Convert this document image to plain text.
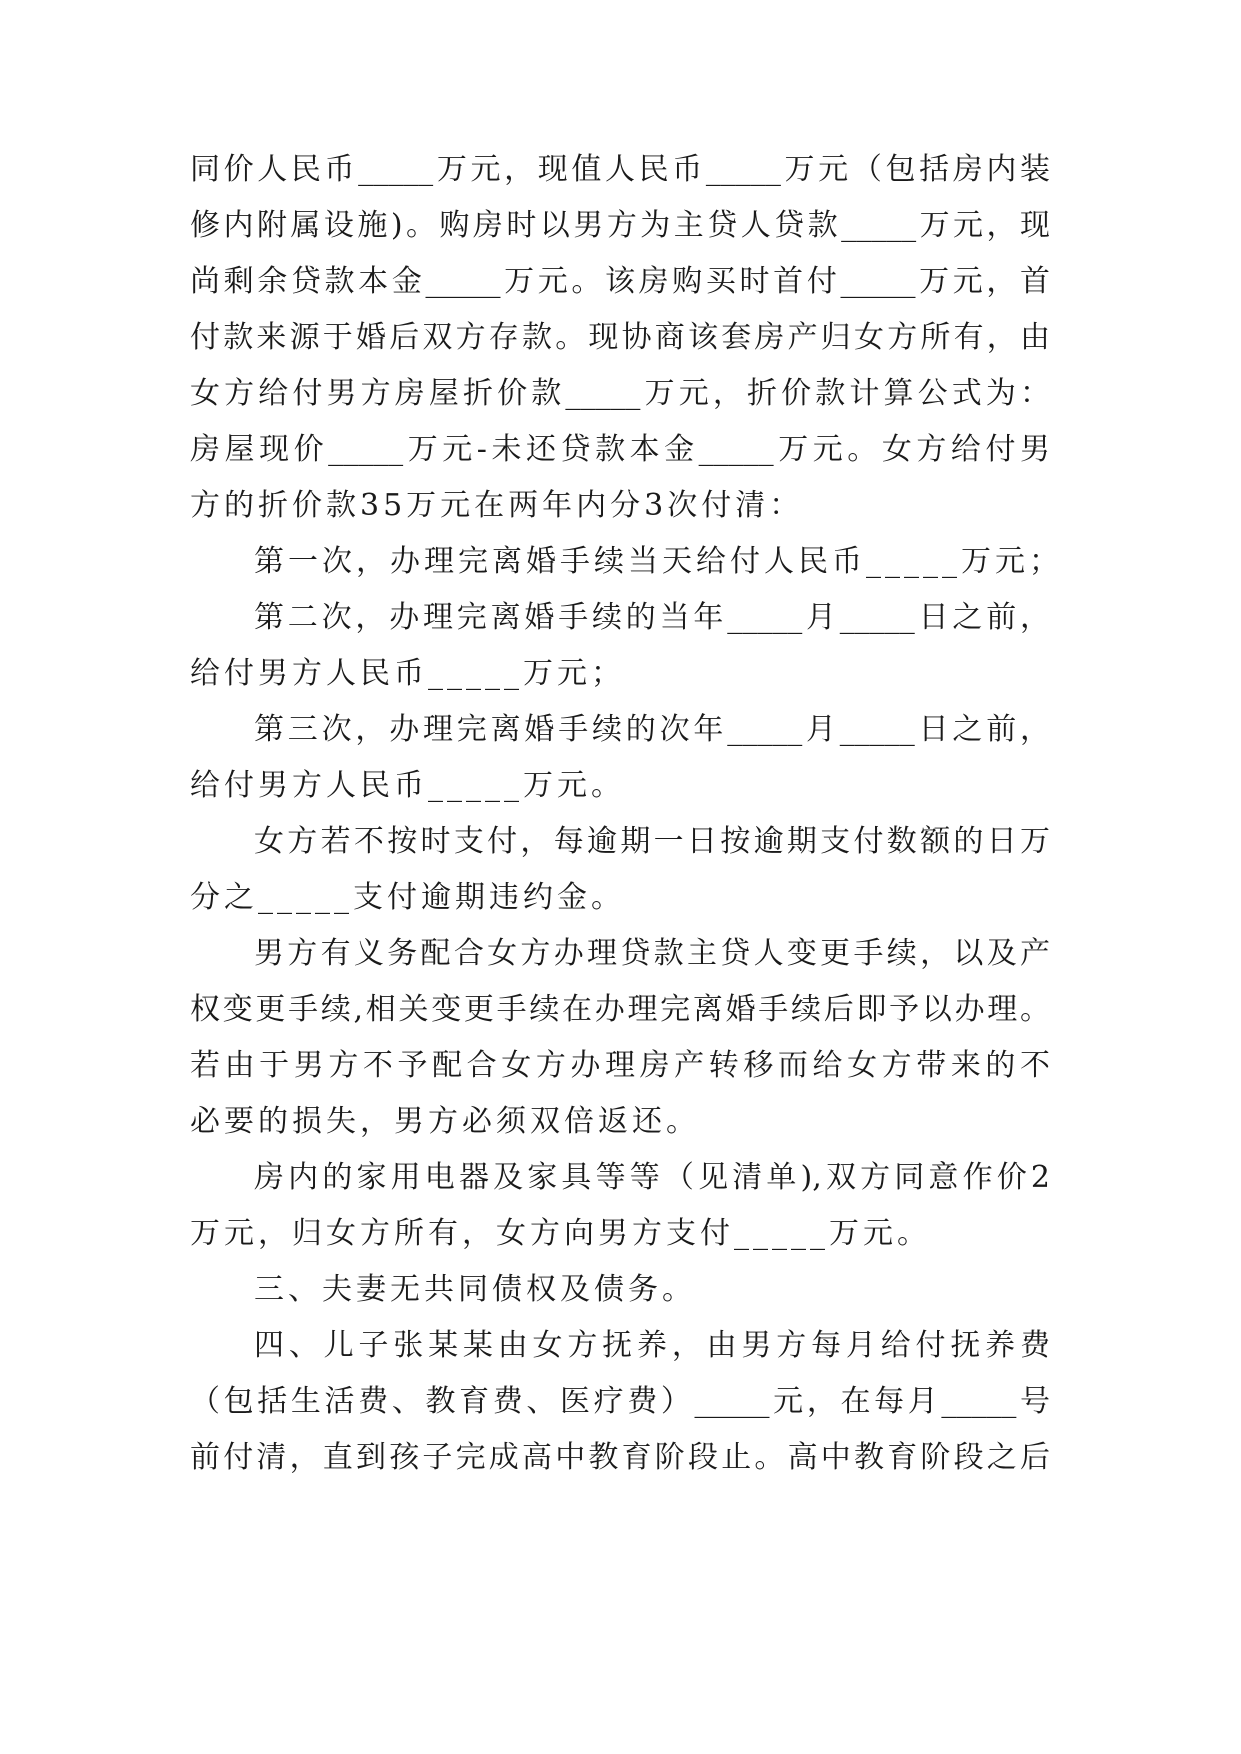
同价人民币_____万元，现值人民币_____万元（包括房内装
修内附属设施)。购房时以男方为主贷人贷款_____万元，现
尚剩余贷款本金_____万元。该房购买时首付_____万元，首
付款来源于婚后双方存款。现协商该套房产归女方所有，由
女方给付男方房屋折价款_____万元，折价款计算公式为：
房屋现价_____万元-未还贷款本金_____万元。女方给付男
方的折价款35万元在两年内分3次付清：
第一次，办理完离婚手续当天给付人民币_____万元；
第二次，办理完离婚手续的当年_____月_____日之前，
给付男方人民币_____万元；
第三次，办理完离婚手续的次年_____月_____日之前，
给付男方人民币_____万元。
女方若不按时支付，每逾期一日按逾期支付数额的日万
分之_____支付逾期违约金。
男方有义务配合女方办理贷款主贷人变更手续，以及产
权变更手续,相关变更手续在办理完离婚手续后即予以办理。
若由于男方不予配合女方办理房产转移而给女方带来的不
必要的损失，男方必须双倍返还。
房内的家用电器及家具等等（见清单),双方同意作价2
万元，归女方所有，女方向男方支付_____万元。
三、夫妻无共同债权及债务。
四、儿子张某某由女方抚养，由男方每月给付抚养费
（包括生活费、教育费、医疗费）_____元，在每月_____号
前付清，直到孩子完成高中教育阶段止。高中教育阶段之后
